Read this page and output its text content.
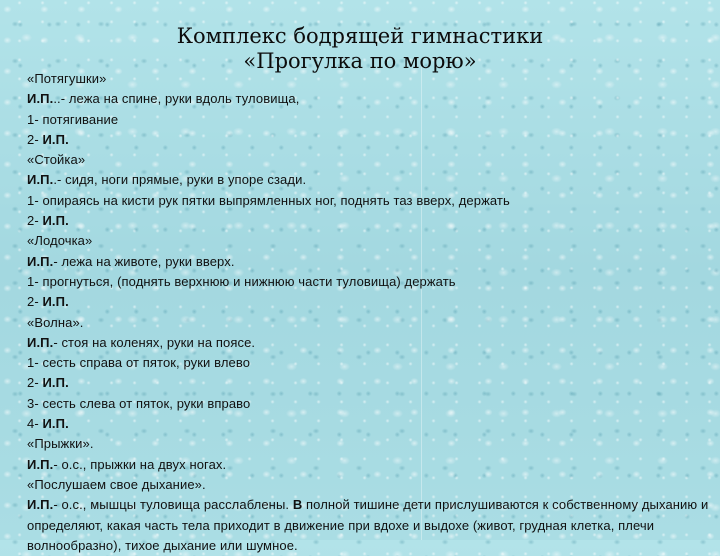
Комплекс бодрящей гимнастики
«Прогулка по морю»
«Потягушки»
И.П...- лежа на спине, руки вдоль туловища,
1- потягивание
2- И.П.
«Стойка»
И.П..- сидя, ноги прямые, руки в упоре сзади.
1- опираясь на кисти рук пятки выпрямленных ног, поднять таз вверх, держать
2- И.П.
«Лодочка»
И.П.- лежа на животе, руки вверх.
1- прогнуться, (поднять верхнюю и нижнюю части туловища) держать
2- И.П.
«Волна».
И.П.- стоя на коленях, руки на поясе.
1- сесть справа от пяток, руки влево
2- И.П.
3- сесть слева от пяток, руки вправо
4- И.П.
«Прыжки».
И.П.- о.с., прыжки на двух ногах.
«Послушаем свое дыхание».
И.П.- о.с., мышцы туловища расслаблены. В полной тишине дети прислушиваются к собственному дыханию и определяют, какая часть тела приходит в движение при вдохе и выдохе (живот, грудная клетка, плечи волнообразно), тихое дыхание или шумное.
